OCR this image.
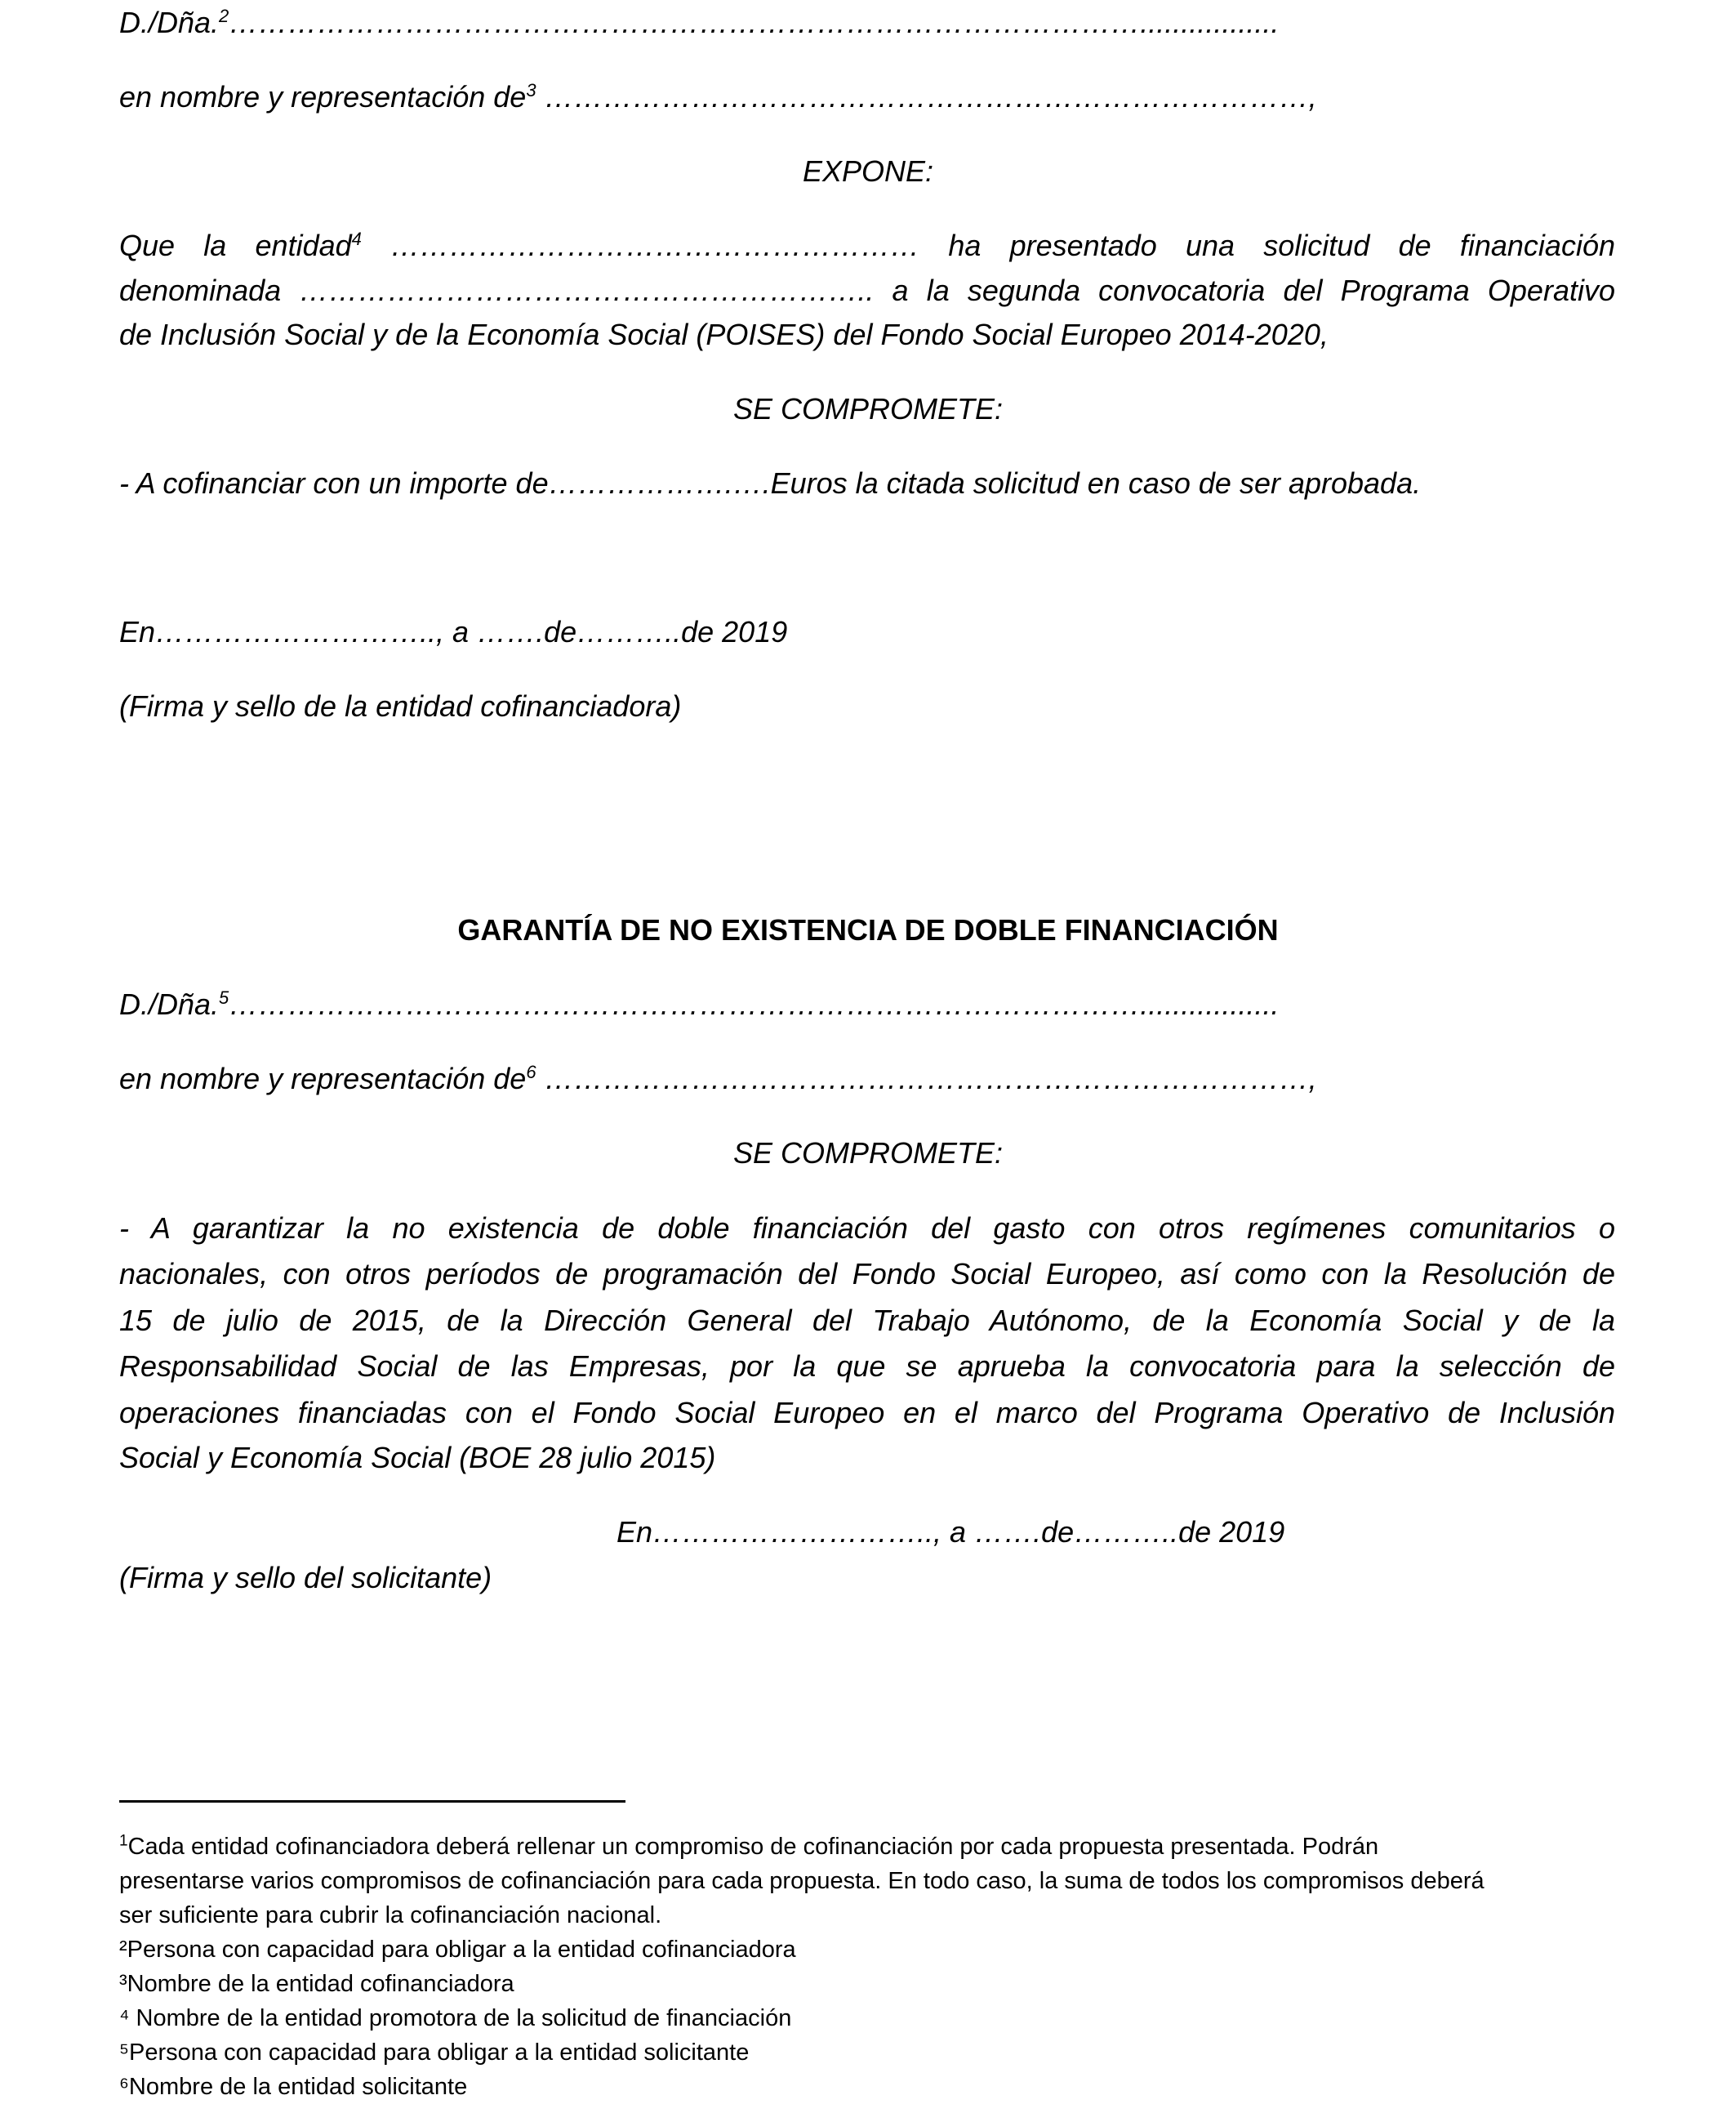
D./Dña.$^2$………………………………………………………………………………….................
en nombre y representación $de^3$ ……………………………………………………………………,
EXPONE:
Que la entidad$^4$ ……………………………………………… ha presentado una solicitud de financiación
denominada ………………………………………………….. a la segunda convocatoria del Programa Operativo
de Inclusión Social y de la Economía Social (POISES) del Fondo Social Europeo 2014-2020,
SE COMPROMETE:
- A cofinanciar con un importe de……………….….Euros la citada solicitud en caso de ser aprobada.
En……………………….., a …….de………..de 2019
(Firma y sello de la entidad cofinanciadora)
GARANTÍA DE NO EXISTENCIA DE DOBLE FINANCIACIÓN
D./Dña.$^5$………………………………………………………………………………….................
en nombre y representación $de^6$ ……………………………………………………………………,
SE COMPROMETE:
- A garantizar la no existencia de doble financiación del gasto con otros regímenes comunitarios o
nacionales, con otros períodos de programación del Fondo Social Europeo, así como con la Resolución de
15 de julio de 2015, de la Dirección General del Trabajo Autónomo, de la Economía Social y de la
Responsabilidad Social de las Empresas, por la que se aprueba la convocatoria para la selección de
operaciones financiadas con el Fondo Social Europeo en el marco del Programa Operativo de Inclusión
Social y Economía Social (BOE 28 julio 2015)
En……………………….., a …….de………..de 2019
(Firma y sello del solicitante)
$^1$Cada entidad cofinanciadora deberá rellenar un compromiso de cofinanciación por cada propuesta presentada. Podrán
presentarse varios compromisos de cofinanciación para cada propuesta. En todo caso, la suma de todos los compromisos deberá
ser suficiente para cubrir la cofinanciación nacional.
²Persona con capacidad para obligar a la entidad cofinanciadora
³Nombre de la entidad cofinanciadora
⁴ Nombre de la entidad promotora de la solicitud de financiación
⁵Persona con capacidad para obligar a la entidad solicitante
⁶Nombre de la entidad solicitante
